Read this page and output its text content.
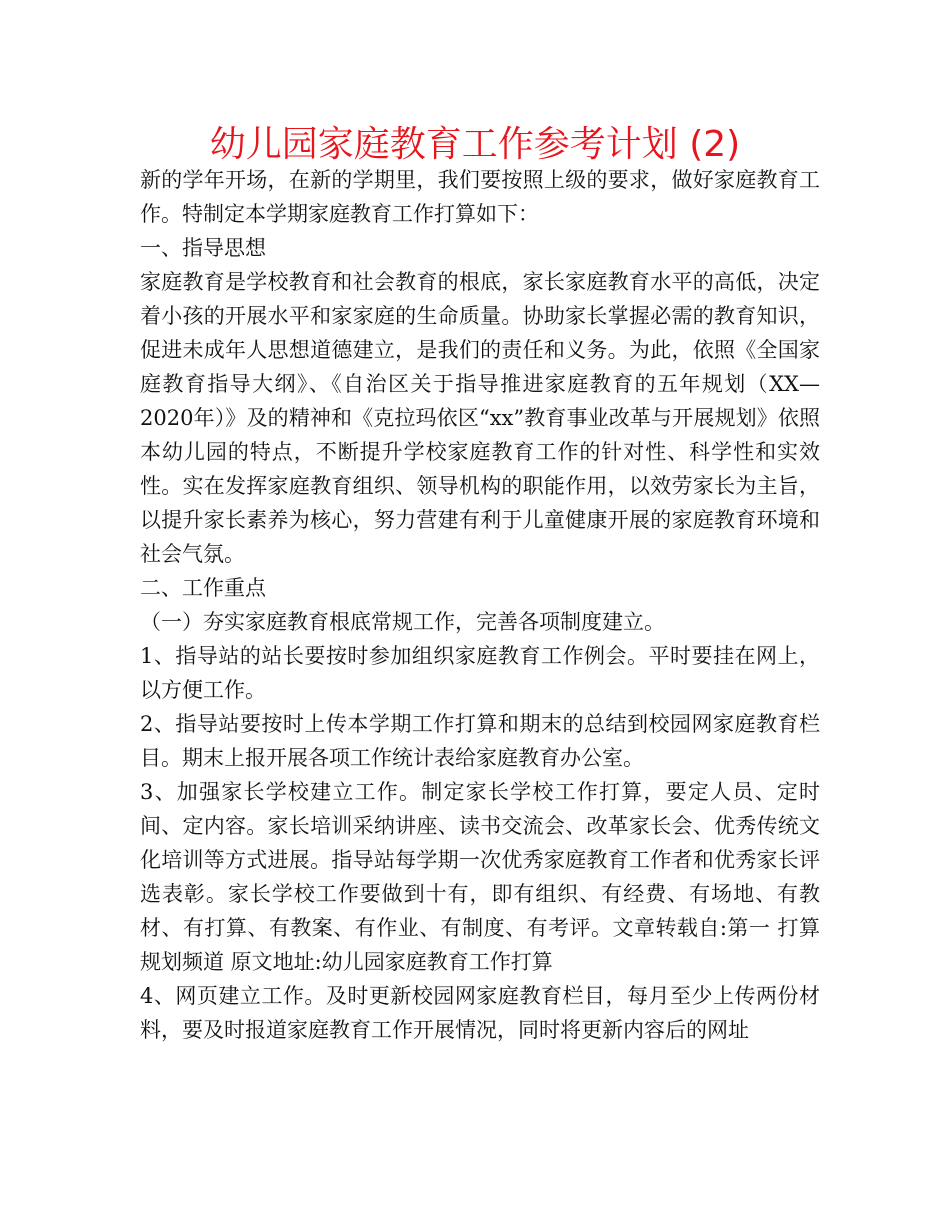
幼儿园家庭教育工作参考计划 (2)

新的学年开场，在新的学期里，我们要按照上级的要求，做好家庭教育工作。特制定本学期家庭教育工作打算如下：

一、指导思想

家庭教育是学校教育和社会教育的根底，家长家庭教育水平的高低，决定着小孩的开展水平和家家庭的生命质量。协助家长掌握必需的教育知识，促进未成年人思想道德建立，是我们的责任和义务。为此，依照《全国家庭教育指导大纲》、《自治区关于指导推进家庭教育的五年规划（XX—2020年）》及的精神和《克拉玛依区“xx”教育事业改革与开展规划》依照本幼儿园的特点，不断提升学校家庭教育工作的针对性、科学性和实效性。实在发挥家庭教育组织、领导机构的职能作用，以效劳家长为主旨，以提升家长素养为核心，努力营建有利于儿童健康开展的家庭教育环境和社会气氛。

二、工作重点

（一）夯实家庭教育根底常规工作，完善各项制度建立。

1、指导站的站长要按时参加组织家庭教育工作例会。平时要挂在网上，以方便工作。

2、指导站要按时上传本学期工作打算和期末的总结到校园网家庭教育栏目。期末上报开展各项工作统计表给家庭教育办公室。

3、加强家长学校建立工作。制定家长学校工作打算，要定人员、定时间、定内容。家长培训采纳讲座、读书交流会、改革家长会、优秀传统文化培训等方式进展。指导站每学期一次优秀家庭教育工作者和优秀家长评选表彰。家长学校工作要做到十有，即有组织、有经费、有场地、有教材、有打算、有教案、有作业、有制度、有考评。文章转载自:第一 打算规划频道 原文地址:幼儿园家庭教育工作打算

4、网页建立工作。及时更新校园网家庭教育栏目，每月至少上传两份材料，要及时报道家庭教育工作开展情况，同时将更新内容后的网址
